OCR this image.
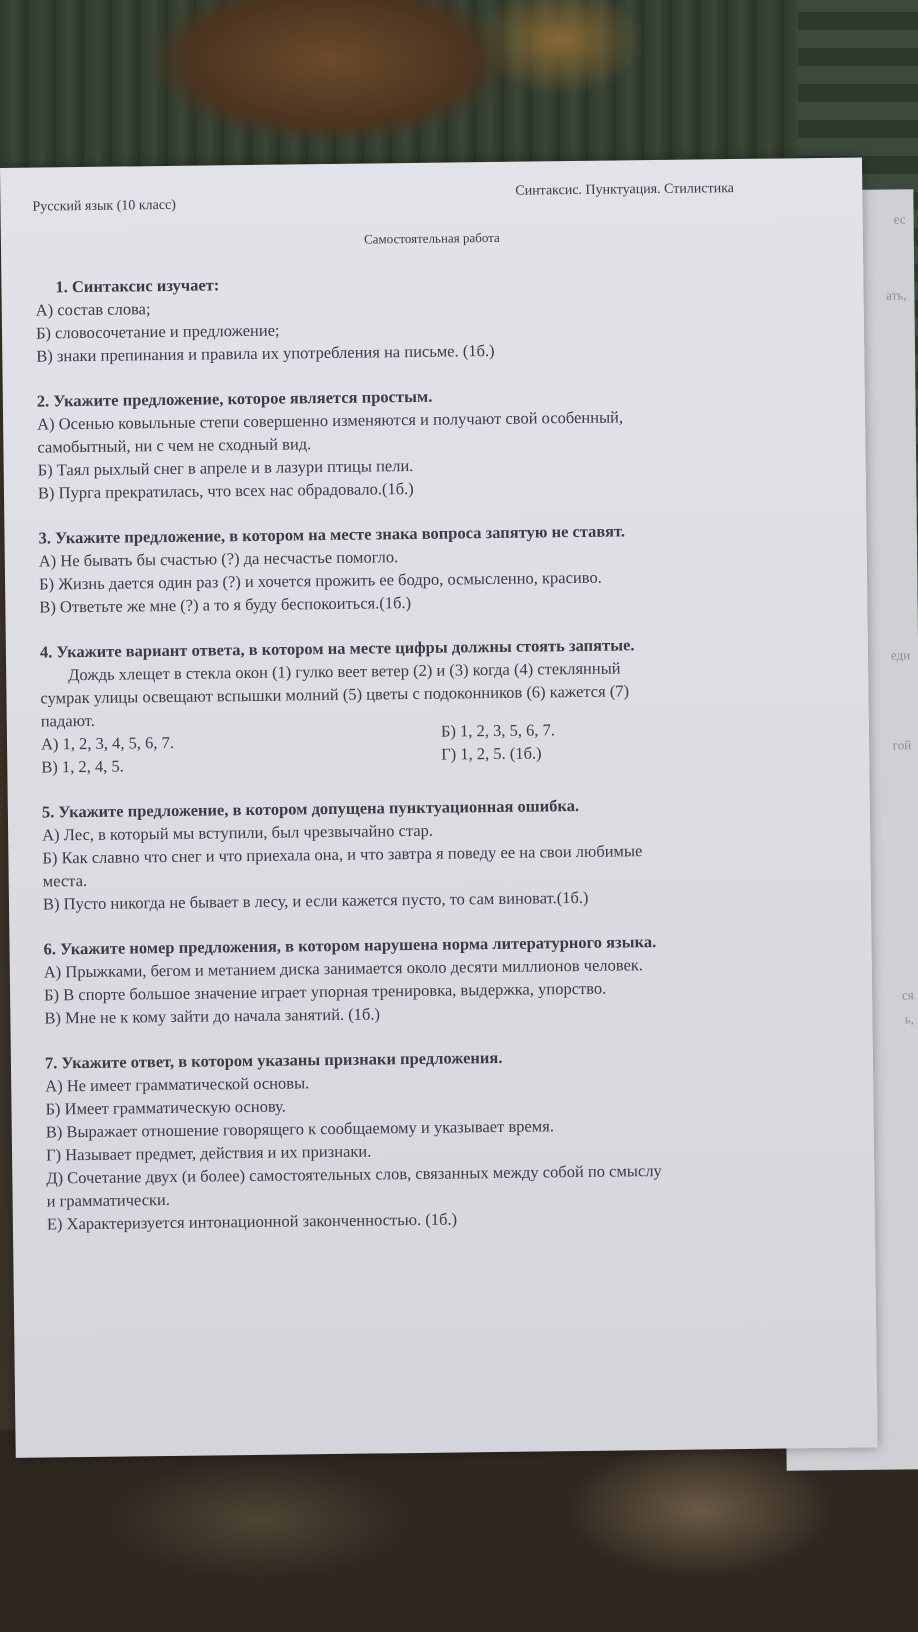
ес
ать,
еди
гой
ся
ь,
Русский язык (10 класс)
Синтаксис. Пунктуация. Стилистика
Самостоятельная работа
1. Синтаксис изучает:
А) состав слова;
Б) словосочетание и предложение;
В) знаки препинания и правила их употребления на письме. (1б.)
2. Укажите предложение, которое является простым.
А) Осенью ковыльные степи совершенно изменяются и получают свой особенный,
самобытный, ни с чем не сходный вид.
Б) Таял рыхлый снег в апреле и в лазури птицы пели.
В) Пурга прекратилась, что всех нас обрадовало.(1б.)
3. Укажите предложение, в котором на месте знака вопроса запятую не ставят.
А) Не бывать бы счастью (?) да несчастье помогло.
Б) Жизнь дается один раз (?) и хочется прожить ее бодро, осмысленно, красиво.
В) Ответьте же мне (?) а то я буду беспокоиться.(1б.)
4. Укажите вариант ответа, в котором на месте цифры должны стоять запятые.
Дождь хлещет в стекла окон (1) гулко веет ветер (2) и (3) когда (4) стеклянный
сумрак улицы освещают вспышки молний (5) цветы с подоконников (6) кажется (7)
падают.
А) 1, 2, 3, 4, 5, 6, 7.
В) 1, 2, 4, 5.
Б) 1, 2, 3, 5, 6, 7.
Г) 1, 2, 5. (1б.)
5. Укажите предложение, в котором допущена пунктуационная ошибка.
А) Лес, в который мы вступили, был чрезвычайно стар.
Б) Как славно что снег и что приехала она, и что завтра я поведу ее на свои любимые
места.
В) Пусто никогда не бывает в лесу, и если кажется пусто, то сам виноват.(1б.)
6. Укажите номер предложения, в котором нарушена норма литературного языка.
А) Прыжками, бегом и метанием диска занимается около десяти миллионов человек.
Б) В спорте большое значение играет упорная тренировка, выдержка, упорство.
В) Мне не к кому зайти до начала занятий. (1б.)
7. Укажите ответ, в котором указаны признаки предложения.
А) Не имеет грамматической основы.
Б) Имеет грамматическую основу.
В) Выражает отношение говорящего к сообщаемому и указывает время.
Г) Называет предмет, действия и их признаки.
Д) Сочетание двух (и более) самостоятельных слов, связанных между собой по смыслу
и грамматически.
Е) Характеризуется интонационной законченностью. (1б.)
